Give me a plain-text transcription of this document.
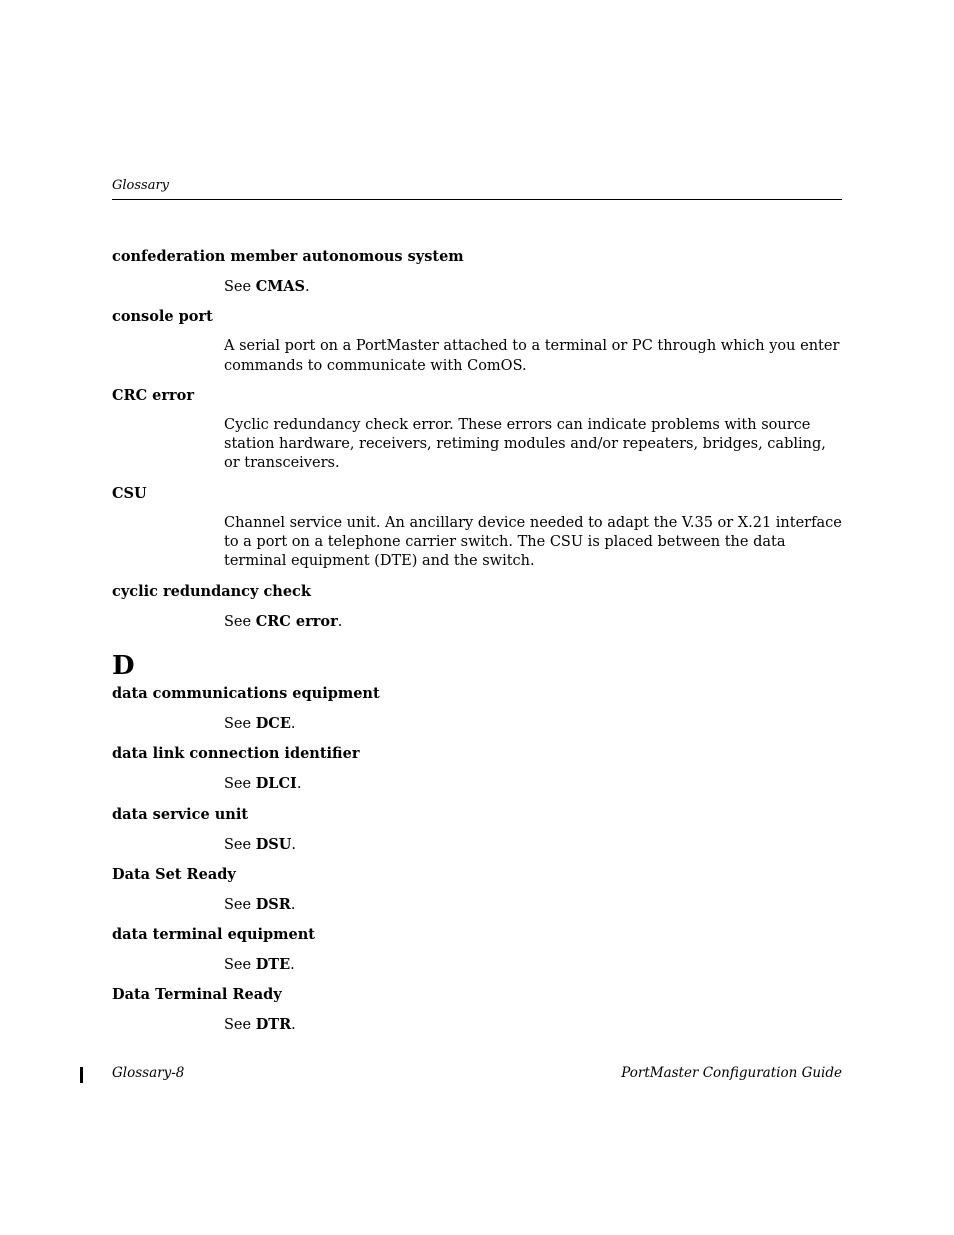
Glossary

confederation member autonomous system

See CMAS.

console port

A serial port on a PortMaster attached to a terminal or PC through which you enter commands to communicate with ComOS.

CRC error

Cyclic redundancy check error. These errors can indicate problems with source station hardware, receivers, retiming modules and/or repeaters, bridges, cabling, or transceivers.

CSU

Channel service unit. An ancillary device needed to adapt the V.35 or X.21 interface to a port on a telephone carrier switch. The CSU is placed between the data terminal equipment (DTE) and the switch.

cyclic redundancy check

See CRC error.

D

data communications equipment

See DCE.

data link connection identifier

See DLCI.

data service unit

See DSU.

Data Set Ready

See DSR.

data terminal equipment

See DTE.

Data Terminal Ready

See DTR.

Glossary-8	PortMaster Configuration Guide
